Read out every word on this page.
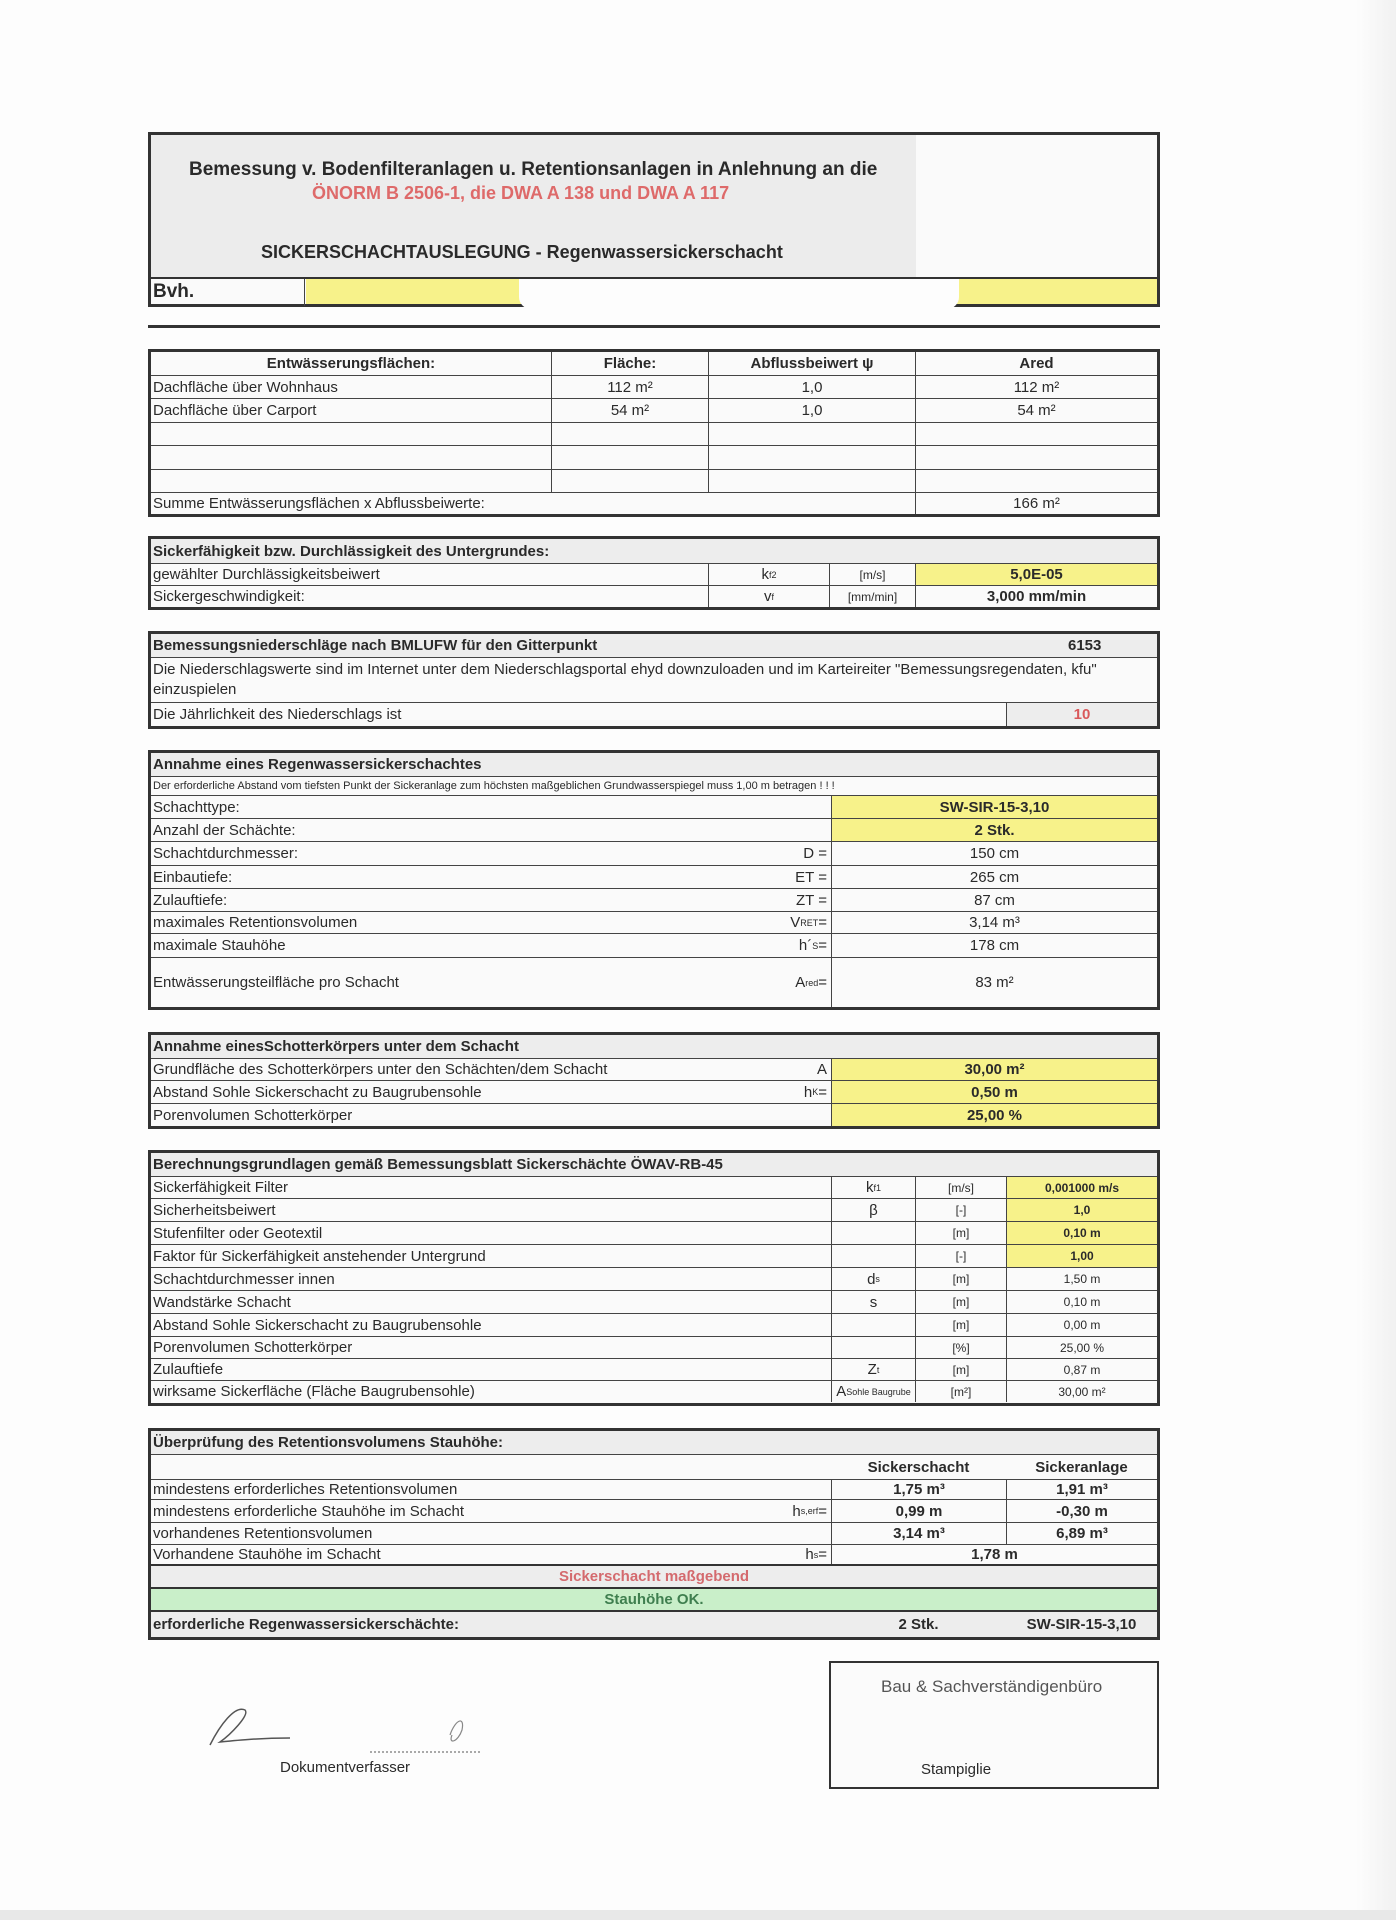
Bemessung v. Bodenfilteranlagen u. Retentionsanlagen in Anlehnung an die
ÖNORM B 2506-1, die DWA A 138 und DWA A 117
SICKERSCHACHTAUSLEGUNG - Regenwassersickerschacht
Bvh.
Entwässerungsflächen:	Fläche:	Abflussbeiwert ψ	Ared
Dachfläche über Wohnhaus	112 m²	1,0	112 m²
Dachfläche über Carport	54 m²	1,0	54 m²
Summe Entwässerungsflächen x Abflussbeiwerte:	166 m²
Sickerfähigkeit bzw. Durchlässigkeit des Untergrundes:
gewählter Durchlässigkeitsbeiwert	k f2	[m/s]	5,0E-05
Sickergeschwindigkeit:	v f	[mm/min]	3,000 mm/min
Bemessungsniederschläge nach BMLUFW für den Gitterpunkt	6153
Die Niederschlagswerte sind im Internet unter dem Niederschlagsportal ehyd downzuloaden und im Karteireiter "Bemessungsregendaten, kfu" einzuspielen
Die Jährlichkeit des Niederschlags ist	10
Annahme eines Regenwassersickerschachtes
Der erforderliche Abstand vom tiefsten Punkt der Sickeranlage zum höchsten maßgeblichen Grundwasserspiegel muss 1,00 m betragen ! ! !
Schachttype:	SW-SIR-15-3,10
Anzahl der Schächte:	2 Stk.
Schachtdurchmesser:	D =	150 cm
Einbautiefe:	ET =	265 cm
Zulauftiefe:	ZT =	87 cm
maximales Retentionsvolumen	V RET =	3,14 m³
maximale Stauhöhe	h´ S =	178 cm
Entwässerungsteilfläche pro Schacht	A red =	83 m²
Annahme einesSchotterkörpers unter dem Schacht
Grundfläche des Schotterkörpers unter den Schächten/dem Schacht	A	30,00 m²
Abstand Sohle Sickerschacht zu Baugrubensohle	h K =	0,50 m
Porenvolumen Schotterkörper	25,00 %
Berechnungsgrundlagen gemäß Bemessungsblatt Sickerschächte ÖWAV-RB-45
Sickerfähigkeit Filter	k f1	[m/s]	0,001000 m/s
Sicherheitsbeiwert	β	[-]	1,0
Stufenfilter oder Geotextil	[m]	0,10 m
Faktor für Sickerfähigkeit anstehender Untergrund	[-]	1,00
Schachtdurchmesser innen	d s	[m]	1,50 m
Wandstärke Schacht	s	[m]	0,10 m
Abstand Sohle Sickerschacht zu Baugrubensohle	[m]	0,00 m
Porenvolumen Schotterkörper	[%]	25,00 %
Zulauftiefe	Z t	[m]	0,87 m
wirksame Sickerfläche (Fläche Baugrubensohle)	A Sohle Baugrube	[m²]	30,00 m²
Überprüfung des Retentionsvolumens Stauhöhe:
Sickerschacht	Sickeranlage
mindestens erforderliches Retentionsvolumen	1,75 m³	1,91 m³
mindestens erforderliche Stauhöhe im Schacht	h s,erf =	0,99 m	-0,30 m
vorhandenes Retentionsvolumen	3,14 m³	6,89 m³
Vorhandene Stauhöhe im Schacht	h s =	1,78 m
Sickerschacht maßgebend
Stauhöhe OK.
erforderliche Regenwassersickerschächte:	2 Stk.	SW-SIR-15-3,10
Dokumentverfasser
Bau & Sachverständigenbüro
Stampiglie
